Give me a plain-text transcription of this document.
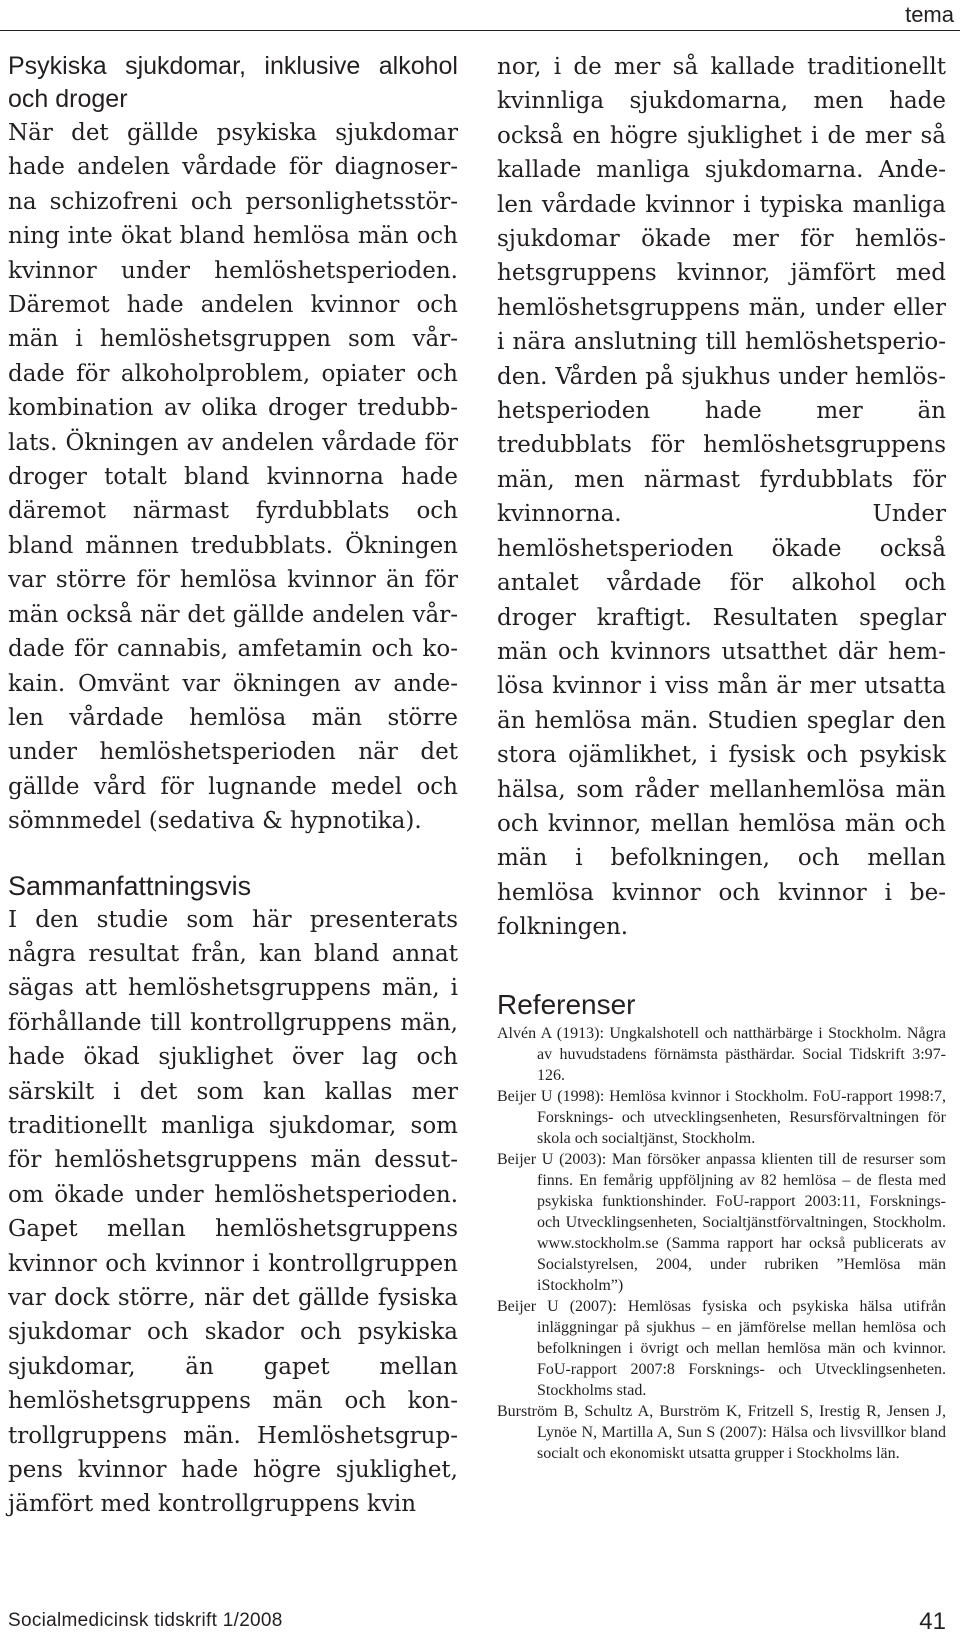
tema
Psykiska sjukdomar, inklusive alkohol och droger

När det gällde psykiska sjukdomar hade andelen vårdade för diagnoserna schizofreni och personlighetsstörning inte ökat bland hemlösa män och kvinnor under hemlöshetsperioden. Däremot hade andelen kvinnor och män i hemlöshetsgruppen som vårdade för alkoholproblem, opiater och kombination av olika droger tredubblats. Ökningen av andelen vårdade för droger totalt bland kvinnorna hade däremot närmast fyrdubblats och bland männen tredubblats. Ökningen var större för hemlösa kvinnor än för män också när det gällde andelen vårdade för cannabis, amfetamin och kokain. Omvänt var ökningen av andelen vårdade hemlösa män större under hemlöshetsperioden när det gällde vård för lugnande medel och sömnmedel (sedativa & hypnotika).

Sammanfattningsvis

I den studie som här presenterats några resultat från, kan bland annat sägas att hemlöshetsgruppens män, i förhållande till kontrollgruppens män, hade ökad sjuklighet över lag och särskilt i det som kan kallas mer traditionellt manliga sjukdomar, som för hemlöshetsgruppens män dessutom ökade under hemlöshetsperioden. Gapet mellan hemlöshetsgruppens kvinnor och kvinnor i kontrollgruppen var dock större, när det gällde fysiska sjukdomar och skador och psykiska sjukdomar, än gapet mellan hemlöshetsgruppens män och kontrollgruppens män. Hemlöshetsgruppens kvinnor hade högre sjuklighet, jämfört med kontrollgruppens kvin

nor, i de mer så kallade traditionellt kvinnliga sjukdomarna, men hade också en högre sjuklighet i de mer så kallade manliga sjukdomarna. Andelen vårdade kvinnor i typiska manliga sjukdomar ökade mer för hemlöshetsgruppens kvinnor, jämfört med hemlöshetsgruppens män, under eller i nära anslutning till hemlöshetsperioden. Vården på sjukhus under hemlöshetsperioden hade mer än tredubblats för hemlöshetsgruppens män, men närmast fyrdubblats för kvinnorna. Under hemlöshetsperioden ökade också antalet vårdade för alkohol och droger kraftigt. Resultaten speglar män och kvinnors utsatthet där hemlösa kvinnor i viss mån är mer utsatta än hemlösa män. Studien speglar den stora ojämlikhet, i fysisk och psykisk hälsa, som råder mellanhemlösa män och kvinnor, mellan hemlösa män och män i befolkningen, och mellan hemlösa kvinnor och kvinnor i befolkningen.

Referenser

Alvén A (1913): Ungkalshotell och natthärbärge i Stockholm. Några av huvudstadens förnämsta pästhärdar. Social Tidskrift 3:97-126.

Beijer U (1998): Hemlösa kvinnor i Stockholm. FoU-rapport 1998:7, Forsknings- och utvecklingsenheten, Resursförvaltningen för skola och socialtjänst, Stockholm.

Beijer U (2003): Man försöker anpassa klienten till de resurser som finns. En femårig uppföljning av 82 hemlösa – de flesta med psykiska funktionshinder. FoU-rapport 2003:11, Forsknings- och Utvecklingsenheten, Socialtjänstförvaltningen, Stockholm. www.stockholm.se (Samma rapport har också publicerats av Socialstyrelsen, 2004, under rubriken ”Hemlösa män iStockholm”)

Beijer U (2007): Hemlösas fysiska och psykiska hälsa utifrån inläggningar på sjukhus – en jämförelse mellan hemlösa och befolkningen i övrigt och mellan hemlösa män och kvinnor. FoU-rapport 2007:8 Forsknings- och Utvecklingsenheten. Stockholms stad.

Burström B, Schultz A, Burström K, Fritzell S, Irestig R, Jensen J, Lynöe N, Martilla A, Sun S (2007): Hälsa och livsvillkor bland socialt och ekonomiskt utsatta grupper i Stockholms län.

Socialmedicinsk tidskrift 1/2008	41
